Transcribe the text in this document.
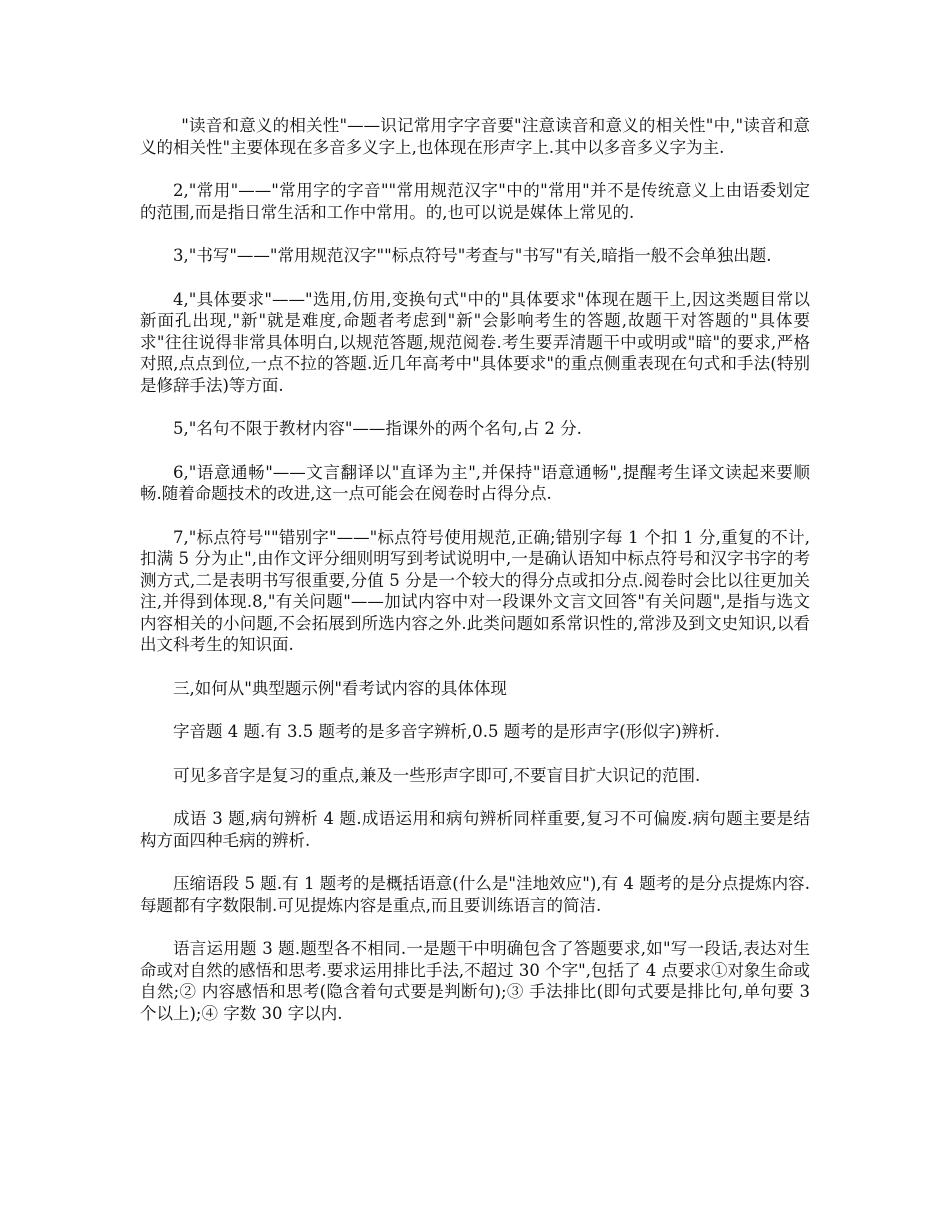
"读音和意义的相关性"——识记常用字字音要"注意读音和意义的相关性"中,"读音和意义的相关性"主要体现在多音多义字上,也体现在形声字上.其中以多音多义字为主.

2,"常用"——"常用字的字音""常用规范汉字"中的"常用"并不是传统意义上由语委划定的范围,而是指日常生活和工作中常用。的,也可以说是媒体上常见的.

3,"书写"——"常用规范汉字""标点符号"考查与"书写"有关,暗指一般不会单独出题.

4,"具体要求"——"选用,仿用,变换句式"中的"具体要求"体现在题干上,因这类题目常以新面孔出现,"新"就是难度,命题者考虑到"新"会影响考生的答题,故题干对答题的"具体要求"往往说得非常具体明白,以规范答题,规范阅卷.考生要弄清题干中或明或"暗"的要求,严格对照,点点到位,一点不拉的答题.近几年高考中"具体要求"的重点侧重表现在句式和手法(特别是修辞手法)等方面.

5,"名句不限于教材内容"——指课外的两个名句,占 2 分.

6,"语意通畅"——文言翻译以"直译为主",并保持"语意通畅",提醒考生译文读起来要顺畅.随着命题技术的改进,这一点可能会在阅卷时占得分点.

7,"标点符号""错别字"——"标点符号使用规范,正确;错别字每 1 个扣 1 分,重复的不计,扣满 5 分为止",由作文评分细则明写到考试说明中,一是确认语知中标点符号和汉字书字的考测方式,二是表明书写很重要,分值 5 分是一个较大的得分点或扣分点.阅卷时会比以往更加关注,并得到体现.8,"有关问题"——加试内容中对一段课外文言文回答"有关问题",是指与选文内容相关的小问题,不会拓展到所选内容之外.此类问题如系常识性的,常涉及到文史知识,以看出文科考生的知识面.

三,如何从"典型题示例"看考试内容的具体体现

字音题 4 题.有 3.5 题考的是多音字辨析,0.5 题考的是形声字(形似字)辨析.

可见多音字是复习的重点,兼及一些形声字即可,不要盲目扩大识记的范围.

成语 3 题,病句辨析 4 题.成语运用和病句辨析同样重要,复习不可偏废.病句题主要是结构方面四种毛病的辨析.

压缩语段 5 题.有 1 题考的是概括语意(什么是"洼地效应"),有 4 题考的是分点提炼内容.每题都有字数限制.可见提炼内容是重点,而且要训练语言的简洁.

语言运用题 3 题.题型各不相同.一是题干中明确包含了答题要求,如"写一段话,表达对生命或对自然的感悟和思考.要求运用排比手法,不超过 30 个字",包括了 4 点要求①对象生命或自然;② 内容感悟和思考(隐含着句式要是判断句);③ 手法排比(即句式要是排比句,单句要 3 个以上);④ 字数 30 字以内.
